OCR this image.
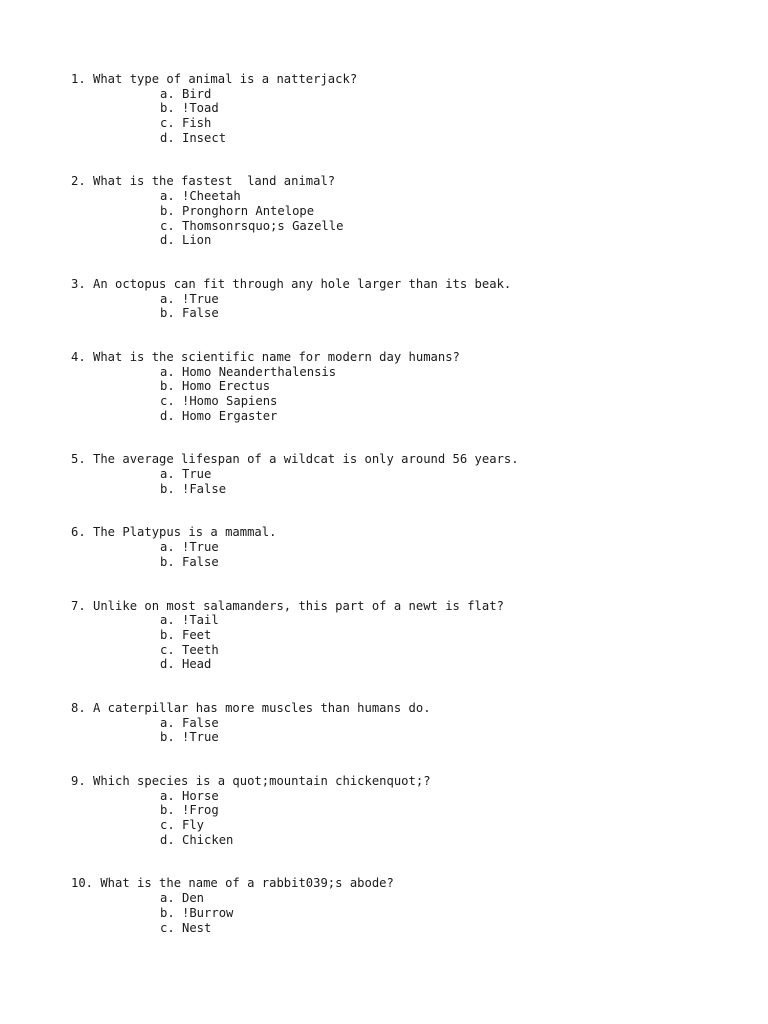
1. What type of animal is a natterjack?
a. Bird
b. !Toad
c. Fish
d. Insect
2. What is the fastest  land animal?
a. !Cheetah
b. Pronghorn Antelope
c. Thomsonrsquo;s Gazelle
d. Lion
3. An octopus can fit through any hole larger than its beak.
a. !True
b. False
4. What is the scientific name for modern day humans?
a. Homo Neanderthalensis
b. Homo Erectus
c. !Homo Sapiens
d. Homo Ergaster
5. The average lifespan of a wildcat is only around 56 years.
a. True
b. !False
6. The Platypus is a mammal.
a. !True
b. False
7. Unlike on most salamanders, this part of a newt is flat?
a. !Tail
b. Feet
c. Teeth
d. Head
8. A caterpillar has more muscles than humans do.
a. False
b. !True
9. Which species is a quot;mountain chickenquot;?
a. Horse
b. !Frog
c. Fly
d. Chicken
10. What is the name of a rabbit039;s abode?
a. Den
b. !Burrow
c. Nest
